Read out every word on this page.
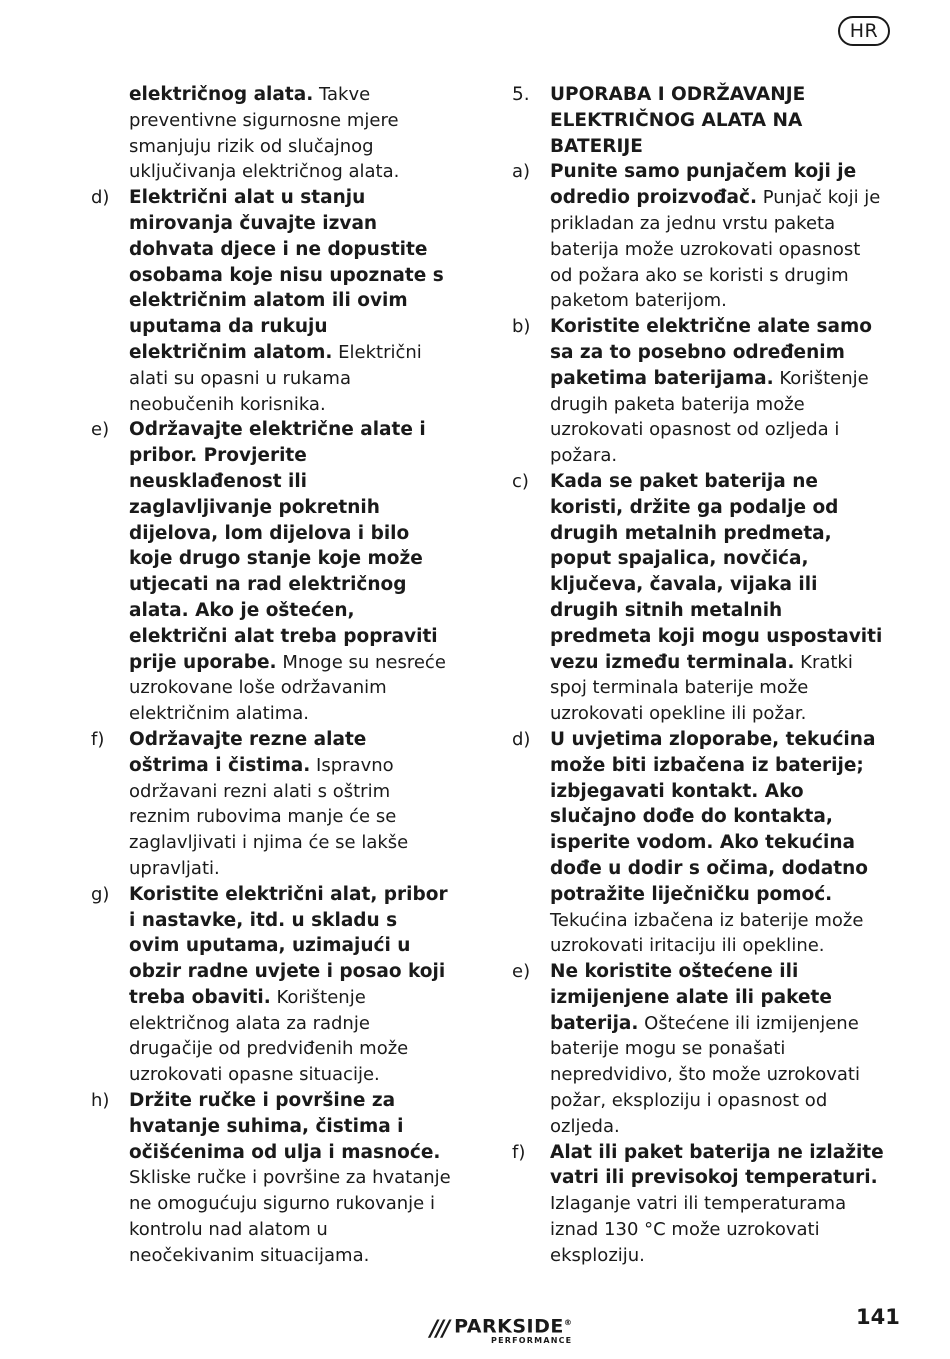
HR

električnog alata. Takve preventivne sigurnosne mjere smanjuju rizik od slučajnog uključivanja električnog alata.

d) Električni alat u stanju mirovanja čuvajte izvan dohvata djece i ne dopustite osobama koje nisu upoznate s električnim alatom ili ovim uputama da rukuju električnim alatom. Električni alati su opasni u rukama neobučenih korisnika.

e) Održavajte električne alate i pribor. Provjerite neusklađenost ili zaglavljivanje pokretnih dijelova, lom dijelova i bilo koje drugo stanje koje može utjecati na rad električnog alata. Ako je oštećen, električni alat treba popraviti prije uporabe. Mnoge su nesreće uzrokovane loše održavanim električnim alatima.

f) Održavajte rezne alate oštrima i čistima. Ispravno održavani rezni alati s oštrim reznim rubovima manje će se zaglavljivati i njima će se lakše upravljati.

g) Koristite električni alat, pribor i nastavke, itd. u skladu s ovim uputama, uzimajući u obzir radne uvjete i posao koji treba obaviti. Korištenje električnog alata za radnje drugačije od predviđenih može uzrokovati opasne situacije.

h) Držite ručke i površine za hvatanje suhima, čistima i očišćenima od ulja i masnoće. Skliske ručke i površine za hvatanje ne omogućuju sigurno rukovanje i kontrolu nad alatom u neočekivanim situacijama.

5. UPORABA I ODRŽAVANJE ELEKTRIČNOG ALATA NA BATERIJE

a) Punite samo punjačem koji je odredio proizvođač. Punjač koji je prikladan za jednu vrstu paketa baterija može uzrokovati opasnost od požara ako se koristi s drugim paketom baterijom.

b) Koristite električne alate samo sa za to posebno određenim paketima baterijama. Korištenje drugih paketa baterija može uzrokovati opasnost od ozljeda i požara.

c) Kada se paket baterija ne koristi, držite ga podalje od drugih metalnih predmeta, poput spajalica, novčića, ključeva, čavala, vijaka ili drugih sitnih metalnih predmeta koji mogu uspostaviti vezu između terminala. Kratki spoj terminala baterije može uzrokovati opekline ili požar.

d) U uvjetima zloporabe, tekućina može biti izbačena iz baterije; izbjegavati kontakt. Ako slučajno dođe do kontakta, isperite vodom. Ako tekućina dođe u dodir s očima, dodatno potražite liječničku pomoć. Tekućina izbačena iz baterije može uzrokovati iritaciju ili opekline.

e) Ne koristite oštećene ili izmijenjene alate ili pakete baterija. Oštećene ili izmijenjene baterije mogu se ponašati nepredvidivo, što može uzrokovati požar, eksploziju i opasnost od ozljeda.

f) Alat ili paket baterija ne izlažite vatri ili previsokoj temperaturi. Izlaganje vatri ili temperaturama iznad 130 °C može uzrokovati eksploziju.

/// PARKSIDE®
PERFORMANCE
141
